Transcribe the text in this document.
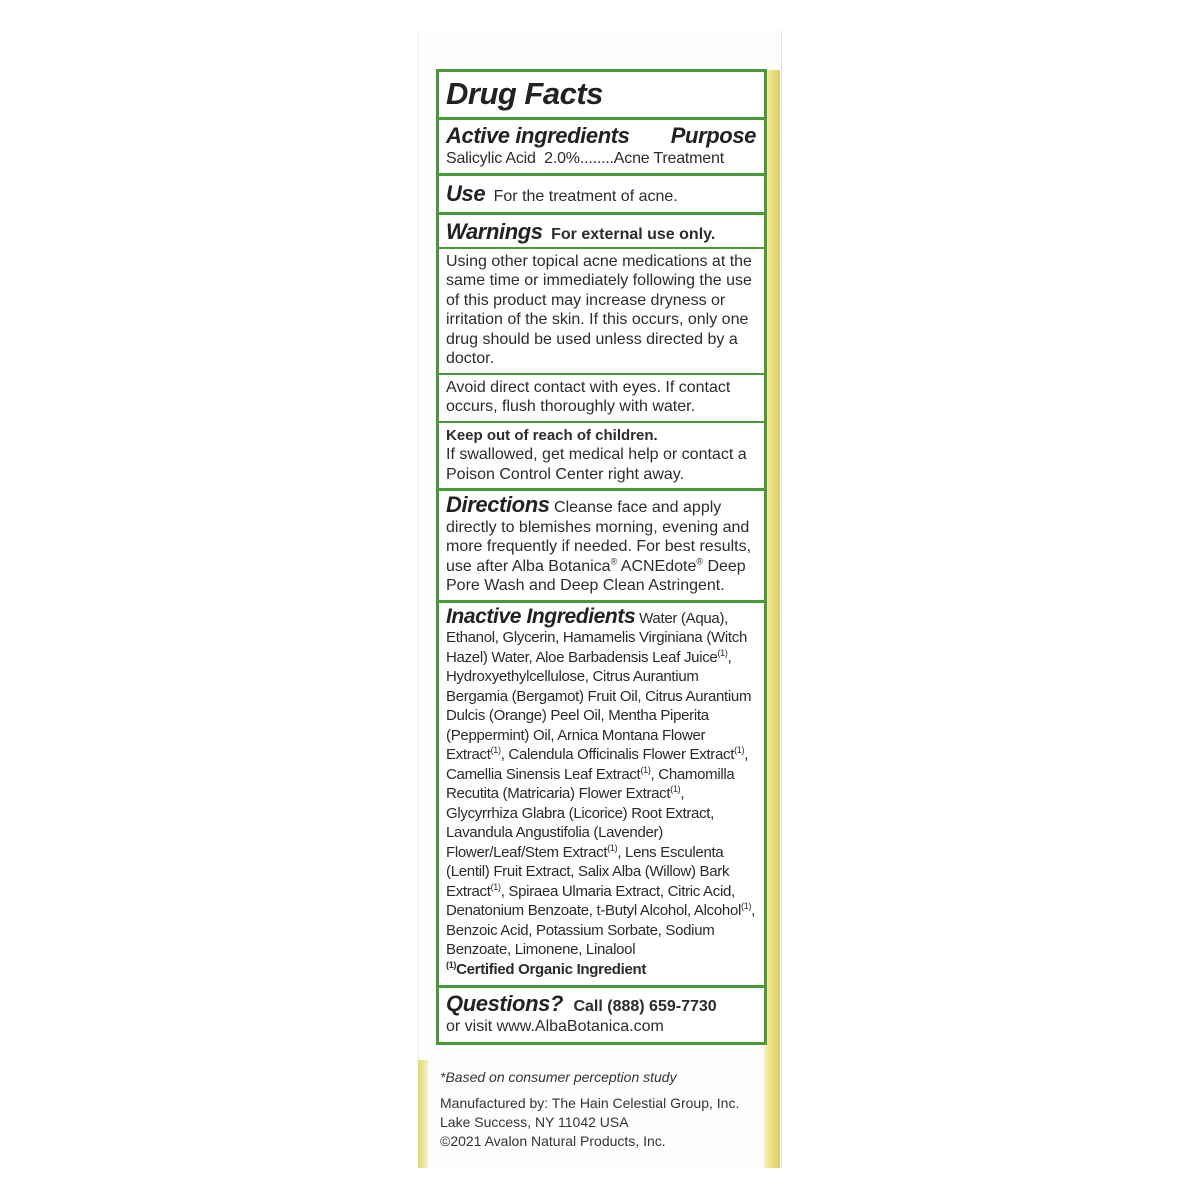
Drug Facts
Active ingredients Purpose
Salicylic Acid  2.0%........Acne Treatment
Use For the treatment of acne.
Warnings For external use only.
Using other topical acne medications at the same time or immediately following the use of this product may increase dryness or irritation of the skin. If this occurs, only one drug should be used unless directed by a doctor.
Avoid direct contact with eyes. If contact occurs, flush thoroughly with water.
Keep out of reach of children.
If swallowed, get medical help or contact a Poison Control Center right away.
Directions Cleanse face and apply directly to blemishes morning, evening and more frequently if needed. For best results, use after Alba Botanica® ACNEdote® Deep Pore Wash and Deep Clean Astringent.
Inactive Ingredients Water (Aqua), Ethanol, Glycerin, Hamamelis Virginiana (Witch Hazel) Water, Aloe Barbadensis Leaf Juice$^{(1)}$, Hydroxyethylcellulose, Citrus Aurantium Bergamia (Bergamot) Fruit Oil, Citrus Aurantium Dulcis (Orange) Peel Oil, Mentha Piperita (Peppermint) Oil, Arnica Montana Flower Extract$^{(1)}$, Calendula Officinalis Flower Extract$^{(1)}$, Camellia Sinensis Leaf Extract$^{(1)}$, Chamomilla Recutita (Matricaria) Flower Extract$^{(1)}$, Glycyrrhiza Glabra (Licorice) Root Extract, Lavandula Angustifolia (Lavender) Flower/Leaf/Stem Extract$^{(1)}$, Lens Esculenta (Lentil) Fruit Extract, Salix Alba (Willow) Bark Extract$^{(1)}$, Spiraea Ulmaria Extract, Citric Acid, Denatonium Benzoate, t-Butyl Alcohol, Alcohol$^{(1)}$, Benzoic Acid, Potassium Sorbate, Sodium Benzoate, Limonene, Linalool
$^{(1)}$Certified Organic Ingredient
Questions? Call (888) 659-7730
or visit www.AlbaBotanica.com
*Based on consumer perception study
Manufactured by: The Hain Celestial Group, Inc.
Lake Success, NY 11042 USA
©2021 Avalon Natural Products, Inc.
